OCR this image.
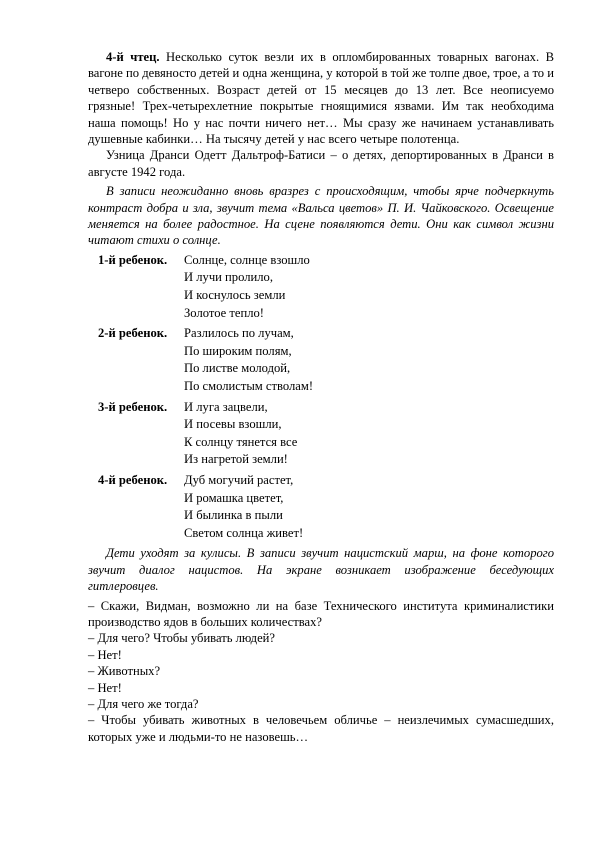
4-й чтец. Несколько суток везли их в опломбированных товарных вагонах. В вагоне по девяносто детей и одна женщина, у которой в той же толпе двое, трое, а то и четверо собственных. Возраст детей от 15 месяцев до 13 лет. Все неописуемо грязные! Трех-четырехлетние покрытые гноящимися язвами. Им так необходима наша помощь! Но у нас почти ничего нет… Мы сразу же начинаем устанавливать душевные кабинки… На тысячу детей у нас всего четыре полотенца.

Узница Дранси Одетт Дальтроф-Батиси – о детях, депортированных в Дранси в августе 1942 года.

В записи неожиданно вновь вразрез с происходящим, чтобы ярче подчеркнуть контраст добра и зла, звучит тема «Вальса цветов» П. И. Чайковского. Освещение меняется на более радостное. На сцене появляются дети. Они как символ жизни читают стихи о солнце.

1-й ребенок.	Солнце, солнце взошло
И лучи пролило,
И коснулось земли
Золотое тепло!
2-й ребенок.	Разлилось по лучам,
По широким полям,
По листве молодой,
По смолистым стволам!
3-й ребенок.	И луга зацвели,
И посевы взошли,
К солнцу тянется все
Из нагретой земли!
4-й ребенок.	Дуб могучий растет,
И ромашка цветет,
И былинка в пыли
Светом солнца живет!

Дети уходят за кулисы. В записи звучит нацистский марш, на фоне которого звучит диалог нацистов. На экране возникает изображение беседующих гитлеровцев.

– Скажи, Видман, возможно ли на базе Технического института криминалистики производство ядов в больших количествах?

– Для чего? Чтобы убивать людей?

– Нет!

– Животных?

– Нет!

– Для чего же тогда?

– Чтобы убивать животных в человечьем обличье – неизлечимых сумасшедших, которых уже и людьми-то не назовешь…
